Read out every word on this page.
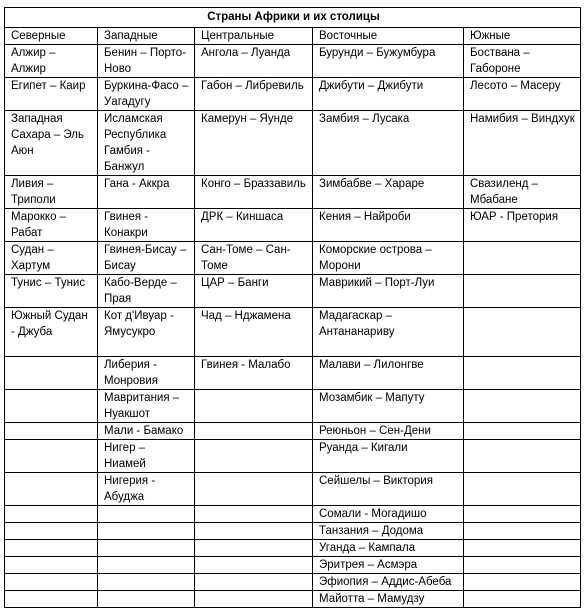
Страны Африки и их столицы				
Северные	Западные	Центральные	Восточные	Южные
Алжир – Алжир	Бенин – Порто-Ново	Ангола – Луанда	Бурунди – Бужумбура	Боствана – Габороне
Египет – Каир	Буркина-Фасо – Уагадугу	Габон – Либревиль	Джибути – Джибути	Лесото – Масеру
Западная Сахара – Эль Аюн	Исламская Республика Гамбия - Банжул	Камерун – Яунде	Замбия – Лусака	Намибия – Виндхук
Ливия – Триполи	Гана - Аккра	Конго – Браззавиль	Зимбабве – Хараре	Свазиленд – Мбабане
Марокко – Рабат	Гвинея - Конакри	ДРК – Киншаса	Кения – Найроби	ЮАР - Претория
Судан – Хартум	Гвинея-Бисау – Бисау	Сан-Томе – Сан-Томе	Коморские острова – Морони	
Тунис – Тунис	Кабо-Верде – Прая	ЦАР – Банги	Маврикий – Порт-Луи	
Южный Судан - Джуба	Кот д'Ивуар - Ямусукро	Чад – Нджамена	Мадагаскар – Антананариву	
	Либерия - Монровия	Гвинея - Малабо	Малави – Лилонгве	
	Мавритания – Нуакшот		Мозамбик – Мапуту	
	Мали - Бамако		Реюньон – Сен-Дени	
	Нигер – Ниамей		Руанда – Кигали	
	Нигерия - Абуджа		Сейшелы – Виктория	
			Сомали - Могадишо	
			Танзания – Додома	
			Уганда – Кампала	
			Эритрея – Асмэра	
			Эфиопия – Аддис-Абеба	
			Майотта – Мамудзу	
